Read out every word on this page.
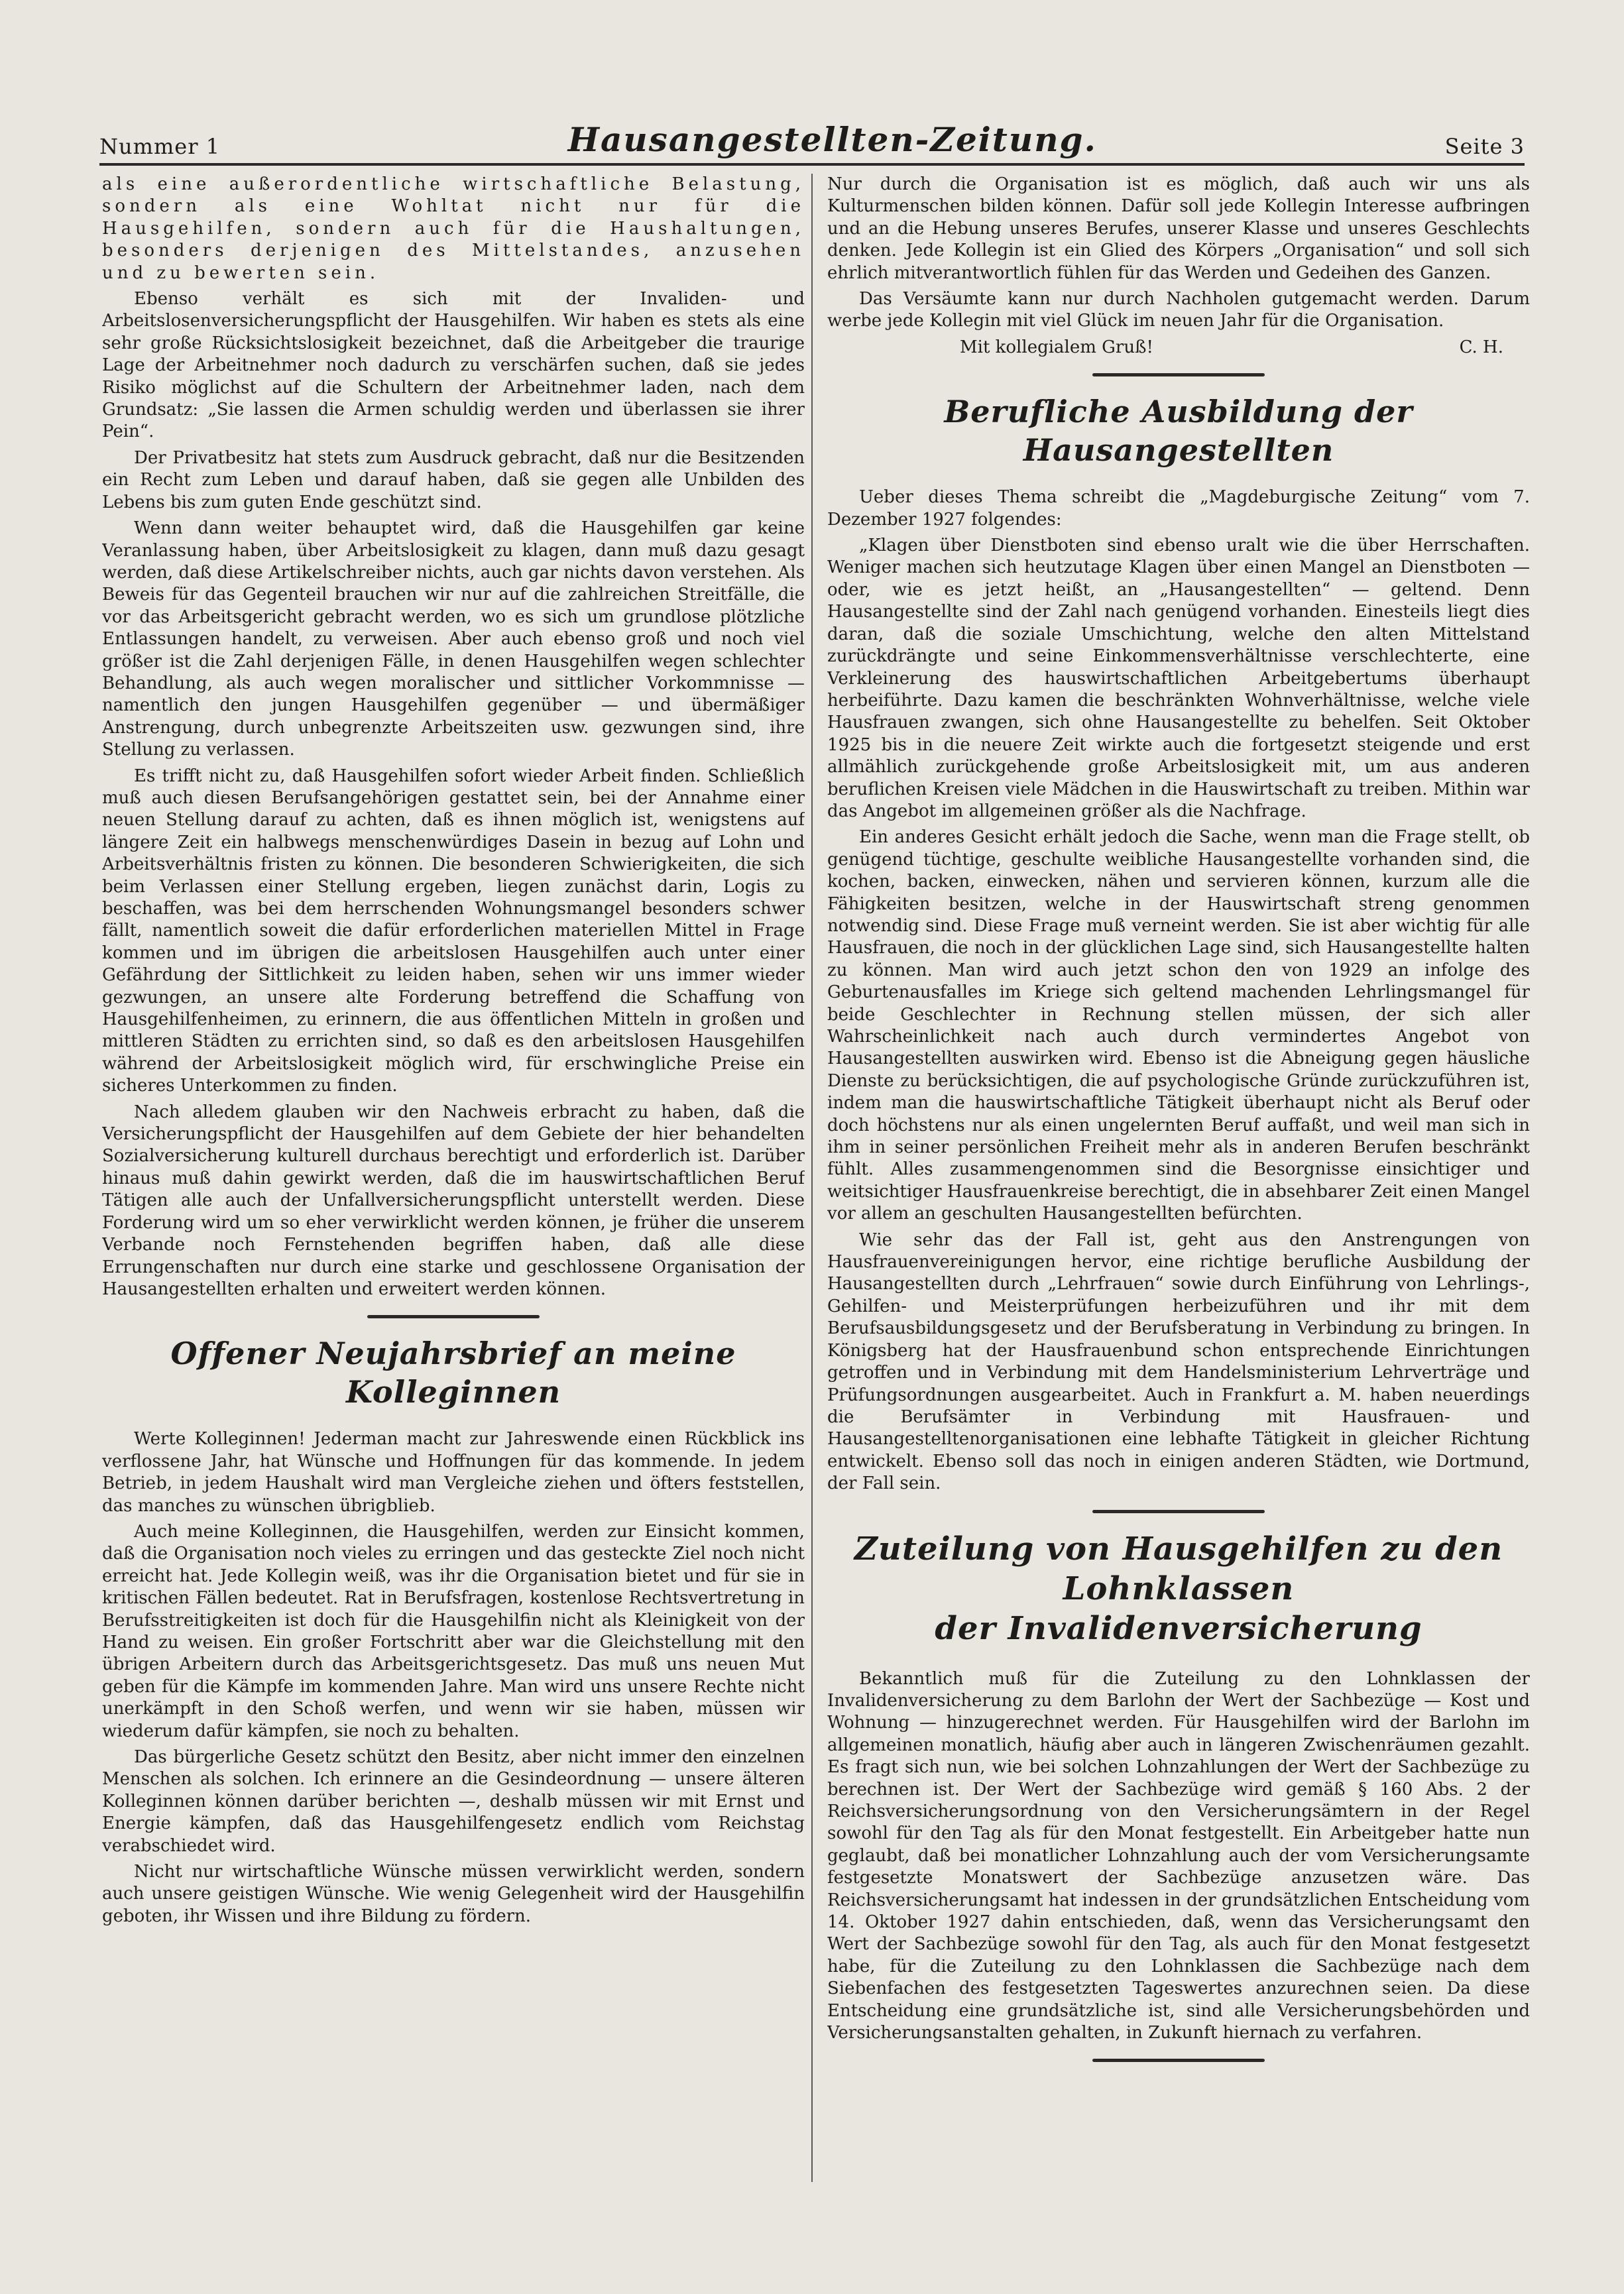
Nummer 1	Hausangestellten-Zeitung.	Seite 3

als eine außerordentliche wirtschaftliche Belastung, sondern als eine Wohltat nicht nur für die Hausgehilfen, sondern auch für die Haushaltungen, besonders derjenigen des Mittelstandes, anzusehen und zu bewerten sein.

Ebenso verhält es sich mit der Invaliden- und Arbeitslosenversicherungspflicht der Hausgehilfen. Wir haben es stets als eine sehr große Rücksichtslosigkeit bezeichnet, daß die Arbeitgeber die traurige Lage der Arbeitnehmer noch dadurch zu verschärfen suchen, daß sie jedes Risiko möglichst auf die Schultern der Arbeitnehmer laden, nach dem Grundsatz: „Sie lassen die Armen schuldig werden und überlassen sie ihrer Pein“.

Der Privatbesitz hat stets zum Ausdruck gebracht, daß nur die Besitzenden ein Recht zum Leben und darauf haben, daß sie gegen alle Unbilden des Lebens bis zum guten Ende geschützt sind.

Wenn dann weiter behauptet wird, daß die Hausgehilfen gar keine Veranlassung haben, über Arbeitslosigkeit zu klagen, dann muß dazu gesagt werden, daß diese Artikelschreiber nichts, auch gar nichts davon verstehen. Als Beweis für das Gegenteil brauchen wir nur auf die zahlreichen Streitfälle, die vor das Arbeitsgericht gebracht werden, wo es sich um grundlose plötzliche Entlassungen handelt, zu verweisen. Aber auch ebenso groß und noch viel größer ist die Zahl derjenigen Fälle, in denen Hausgehilfen wegen schlechter Behandlung, als auch wegen moralischer und sittlicher Vorkommnisse — namentlich den jungen Hausgehilfen gegenüber — und übermäßiger Anstrengung, durch unbegrenzte Arbeitszeiten usw. gezwungen sind, ihre Stellung zu verlassen.

Es trifft nicht zu, daß Hausgehilfen sofort wieder Arbeit finden. Schließlich muß auch diesen Berufsangehörigen gestattet sein, bei der Annahme einer neuen Stellung darauf zu achten, daß es ihnen möglich ist, wenigstens auf längere Zeit ein halbwegs menschenwürdiges Dasein in bezug auf Lohn und Arbeitsverhältnis fristen zu können. Die besonderen Schwierigkeiten, die sich beim Verlassen einer Stellung ergeben, liegen zunächst darin, Logis zu beschaffen, was bei dem herrschenden Wohnungsmangel besonders schwer fällt, namentlich soweit die dafür erforderlichen materiellen Mittel in Frage kommen und im übrigen die arbeitslosen Hausgehilfen auch unter einer Gefährdung der Sittlichkeit zu leiden haben, sehen wir uns immer wieder gezwungen, an unsere alte Forderung betreffend die Schaffung von Hausgehilfenheimen, zu erinnern, die aus öffentlichen Mitteln in großen und mittleren Städten zu errichten sind, so daß es den arbeitslosen Hausgehilfen während der Arbeitslosigkeit möglich wird, für erschwingliche Preise ein sicheres Unterkommen zu finden.

Nach alledem glauben wir den Nachweis erbracht zu haben, daß die Versicherungspflicht der Hausgehilfen auf dem Gebiete der hier behandelten Sozialversicherung kulturell durchaus berechtigt und erforderlich ist. Darüber hinaus muß dahin gewirkt werden, daß die im hauswirtschaftlichen Beruf Tätigen alle auch der Unfallversicherungspflicht unterstellt werden. Diese Forderung wird um so eher verwirklicht werden können, je früher die unserem Verbande noch Fernstehenden begriffen haben, daß alle diese Errungenschaften nur durch eine starke und geschlossene Organisation der Hausangestellten erhalten und erweitert werden können.

Offener Neujahrsbrief an meine Kolleginnen

Werte Kolleginnen! Jederman macht zur Jahreswende einen Rückblick ins verflossene Jahr, hat Wünsche und Hoffnungen für das kommende. In jedem Betrieb, in jedem Haushalt wird man Vergleiche ziehen und öfters feststellen, das manches zu wünschen übrigblieb.

Auch meine Kolleginnen, die Hausgehilfen, werden zur Einsicht kommen, daß die Organisation noch vieles zu erringen und das gesteckte Ziel noch nicht erreicht hat. Jede Kollegin weiß, was ihr die Organisation bietet und für sie in kritischen Fällen bedeutet. Rat in Berufsfragen, kostenlose Rechtsvertretung in Berufsstreitigkeiten ist doch für die Hausgehilfin nicht als Kleinigkeit von der Hand zu weisen. Ein großer Fortschritt aber war die Gleichstellung mit den übrigen Arbeitern durch das Arbeitsgerichtsgesetz. Das muß uns neuen Mut geben für die Kämpfe im kommenden Jahre. Man wird uns unsere Rechte nicht unerkämpft in den Schoß werfen, und wenn wir sie haben, müssen wir wiederum dafür kämpfen, sie noch zu behalten.

Das bürgerliche Gesetz schützt den Besitz, aber nicht immer den einzelnen Menschen als solchen. Ich erinnere an die Gesindeordnung — unsere älteren Kolleginnen können darüber berichten —, deshalb müssen wir mit Ernst und Energie kämpfen, daß das Hausgehilfengesetz endlich vom Reichstag verabschiedet wird.

Nicht nur wirtschaftliche Wünsche müssen verwirklicht werden, sondern auch unsere geistigen Wünsche. Wie wenig Gelegenheit wird der Hausgehilfin geboten, ihr Wissen und ihre Bildung zu fördern.

Nur durch die Organisation ist es möglich, daß auch wir uns als Kulturmenschen bilden können. Dafür soll jede Kollegin Interesse aufbringen und an die Hebung unseres Berufes, unserer Klasse und unseres Geschlechts denken. Jede Kollegin ist ein Glied des Körpers „Organisation“ und soll sich ehrlich mitverantwortlich fühlen für das Werden und Gedeihen des Ganzen.

Das Versäumte kann nur durch Nachholen gutgemacht werden. Darum werbe jede Kollegin mit viel Glück im neuen Jahr für die Organisation.

Mit kollegialem Gruß!	C. H.

Berufliche Ausbildung der Hausangestellten

Ueber dieses Thema schreibt die „Magdeburgische Zeitung“ vom 7. Dezember 1927 folgendes:

„Klagen über Dienstboten sind ebenso uralt wie die über Herrschaften. Weniger machen sich heutzutage Klagen über einen Mangel an Dienstboten — oder, wie es jetzt heißt, an „Hausangestellten“ — geltend. Denn Hausangestellte sind der Zahl nach genügend vorhanden. Einesteils liegt dies daran, daß die soziale Umschichtung, welche den alten Mittelstand zurückdrängte und seine Einkommensverhältnisse verschlechterte, eine Verkleinerung des hauswirtschaftlichen Arbeitgebertums überhaupt herbeiführte. Dazu kamen die beschränkten Wohnverhältnisse, welche viele Hausfrauen zwangen, sich ohne Hausangestellte zu behelfen. Seit Oktober 1925 bis in die neuere Zeit wirkte auch die fortgesetzt steigende und erst allmählich zurückgehende große Arbeitslosigkeit mit, um aus anderen beruflichen Kreisen viele Mädchen in die Hauswirtschaft zu treiben. Mithin war das Angebot im allgemeinen größer als die Nachfrage.

Ein anderes Gesicht erhält jedoch die Sache, wenn man die Frage stellt, ob genügend tüchtige, geschulte weibliche Hausangestellte vorhanden sind, die kochen, backen, einwecken, nähen und servieren können, kurzum alle die Fähigkeiten besitzen, welche in der Hauswirtschaft streng genommen notwendig sind. Diese Frage muß verneint werden. Sie ist aber wichtig für alle Hausfrauen, die noch in der glücklichen Lage sind, sich Hausangestellte halten zu können. Man wird auch jetzt schon den von 1929 an infolge des Geburtenausfalles im Kriege sich geltend machenden Lehrlingsmangel für beide Geschlechter in Rechnung stellen müssen, der sich aller Wahrscheinlichkeit nach auch durch vermindertes Angebot von Hausangestellten auswirken wird. Ebenso ist die Abneigung gegen häusliche Dienste zu berücksichtigen, die auf psychologische Gründe zurückzuführen ist, indem man die hauswirtschaftliche Tätigkeit überhaupt nicht als Beruf oder doch höchstens nur als einen ungelernten Beruf auffaßt, und weil man sich in ihm in seiner persönlichen Freiheit mehr als in anderen Berufen beschränkt fühlt. Alles zusammengenommen sind die Besorgnisse einsichtiger und weitsichtiger Hausfrauenkreise berechtigt, die in absehbarer Zeit einen Mangel vor allem an geschulten Hausangestellten befürchten.

Wie sehr das der Fall ist, geht aus den Anstrengungen von Hausfrauenvereinigungen hervor, eine richtige berufliche Ausbildung der Hausangestellten durch „Lehrfrauen“ sowie durch Einführung von Lehrlings-, Gehilfen- und Meisterprüfungen herbeizuführen und ihr mit dem Berufsausbildungsgesetz und der Berufsberatung in Verbindung zu bringen. In Königsberg hat der Hausfrauenbund schon entsprechende Einrichtungen getroffen und in Verbindung mit dem Handelsministerium Lehrverträge und Prüfungsordnungen ausgearbeitet. Auch in Frankfurt a. M. haben neuerdings die Berufsämter in Verbindung mit Hausfrauen- und Hausangestelltenorganisationen eine lebhafte Tätigkeit in gleicher Richtung entwickelt. Ebenso soll das noch in einigen anderen Städten, wie Dortmund, der Fall sein.

Zuteilung von Hausgehilfen zu den Lohnklassen
der Invalidenversicherung

Bekanntlich muß für die Zuteilung zu den Lohnklassen der Invalidenversicherung zu dem Barlohn der Wert der Sachbezüge — Kost und Wohnung — hinzugerechnet werden. Für Hausgehilfen wird der Barlohn im allgemeinen monatlich, häufig aber auch in längeren Zwischenräumen gezahlt. Es fragt sich nun, wie bei solchen Lohnzahlungen der Wert der Sachbezüge zu berechnen ist. Der Wert der Sachbezüge wird gemäß § 160 Abs. 2 der Reichsversicherungsordnung von den Versicherungsämtern in der Regel sowohl für den Tag als für den Monat festgestellt. Ein Arbeitgeber hatte nun geglaubt, daß bei monatlicher Lohnzahlung auch der vom Versicherungsamte festgesetzte Monatswert der Sachbezüge anzusetzen wäre. Das Reichsversicherungsamt hat indessen in der grundsätzlichen Entscheidung vom 14. Oktober 1927 dahin entschieden, daß, wenn das Versicherungsamt den Wert der Sachbezüge sowohl für den Tag, als auch für den Monat festgesetzt habe, für die Zuteilung zu den Lohnklassen die Sachbezüge nach dem Siebenfachen des festgesetzten Tageswertes anzurechnen seien. Da diese Entscheidung eine grundsätzliche ist, sind alle Versicherungsbehörden und Versicherungsanstalten gehalten, in Zukunft hiernach zu verfahren.
